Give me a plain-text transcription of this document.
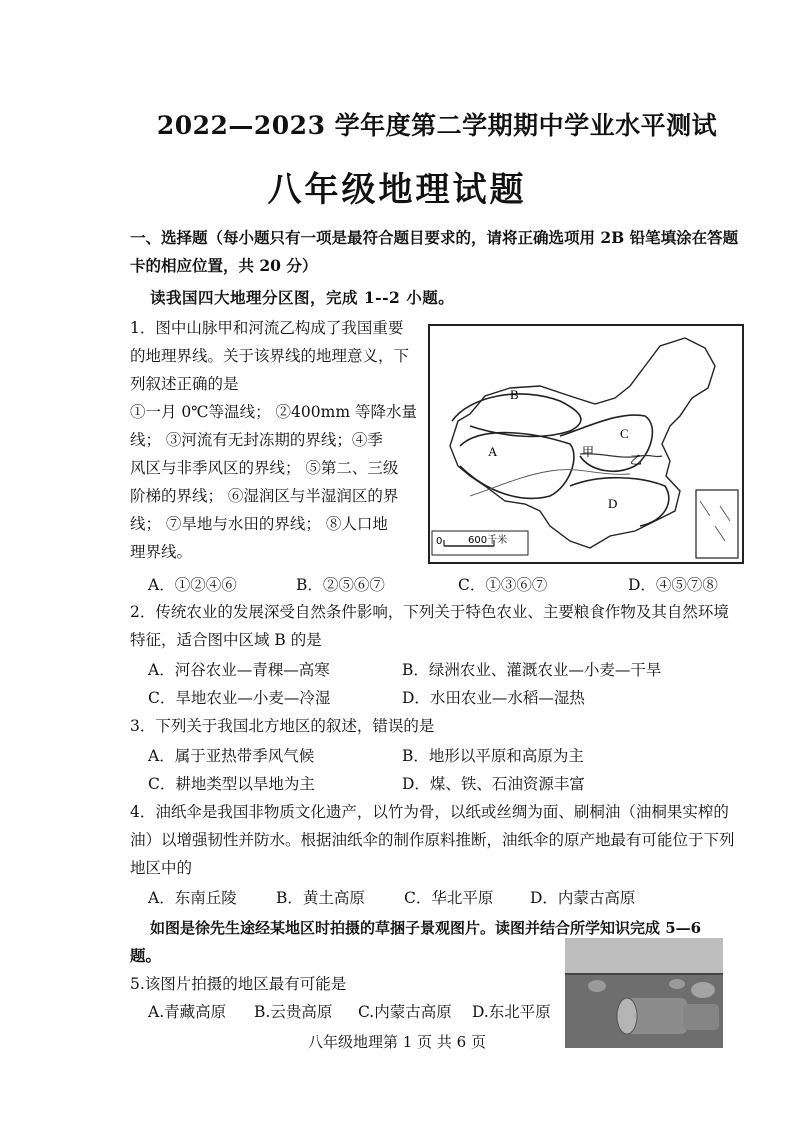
2022—2023 学年度第二学期期中学业水平测试
八年级地理试题
一、选择题（每小题只有一项是最符合题目要求的，请将正确选项用 2B 铅笔填涂在答题
卡的相应位置，共 20 分）
读我国四大地理分区图，完成 1--2 小题。
1．图中山脉甲和河流乙构成了我国重要
的地理界线。关于该界线的地理意义，下
列叙述正确的是
①一月 0℃等温线； ②400mm 等降水量
线； ③河流有无封冻期的界线；④季
风区与非季风区的界线； ⑤第二、三级
阶梯的界线； ⑥湿润区与半湿润区的界
线； ⑦旱地与水田的界线； ⑧人口地
理界线。
B
A
C
D
甲
乙
0	600千米
A．①②④⑥	B．②⑤⑥⑦	C．①③⑥⑦	D．④⑤⑦⑧
2．传统农业的发展深受自然条件影响，下列关于特色农业、主要粮食作物及其自然环境
特征，适合图中区域 B 的是
A．河谷农业—青稞—高寒	B．绿洲农业、灌溉农业—小麦—干旱
C．旱地农业—小麦—冷湿	D．水田农业—水稻—湿热
3．下列关于我国北方地区的叙述，错误的是
A．属于亚热带季风气候	B．地形以平原和高原为主
C．耕地类型以旱地为主	D．煤、铁、石油资源丰富
4．油纸伞是我国非物质文化遗产，以竹为骨，以纸或丝绸为面、刷桐油（油桐果实榨的
油）以增强韧性并防水。根据油纸伞的制作原料推断，油纸伞的原产地最有可能位于下列
地区中的
A．东南丘陵	B．黄土高原	C．华北平原 D．内蒙古高原
如图是徐先生途经某地区时拍摄的草捆子景观图片。读图并结合所学知识完成 5—6
题。
5.该图片拍摄的地区最有可能是
A.青藏高原 B.云贵高原 C.内蒙古高原 D.东北平原
八年级地理第 1 页 共 6 页
